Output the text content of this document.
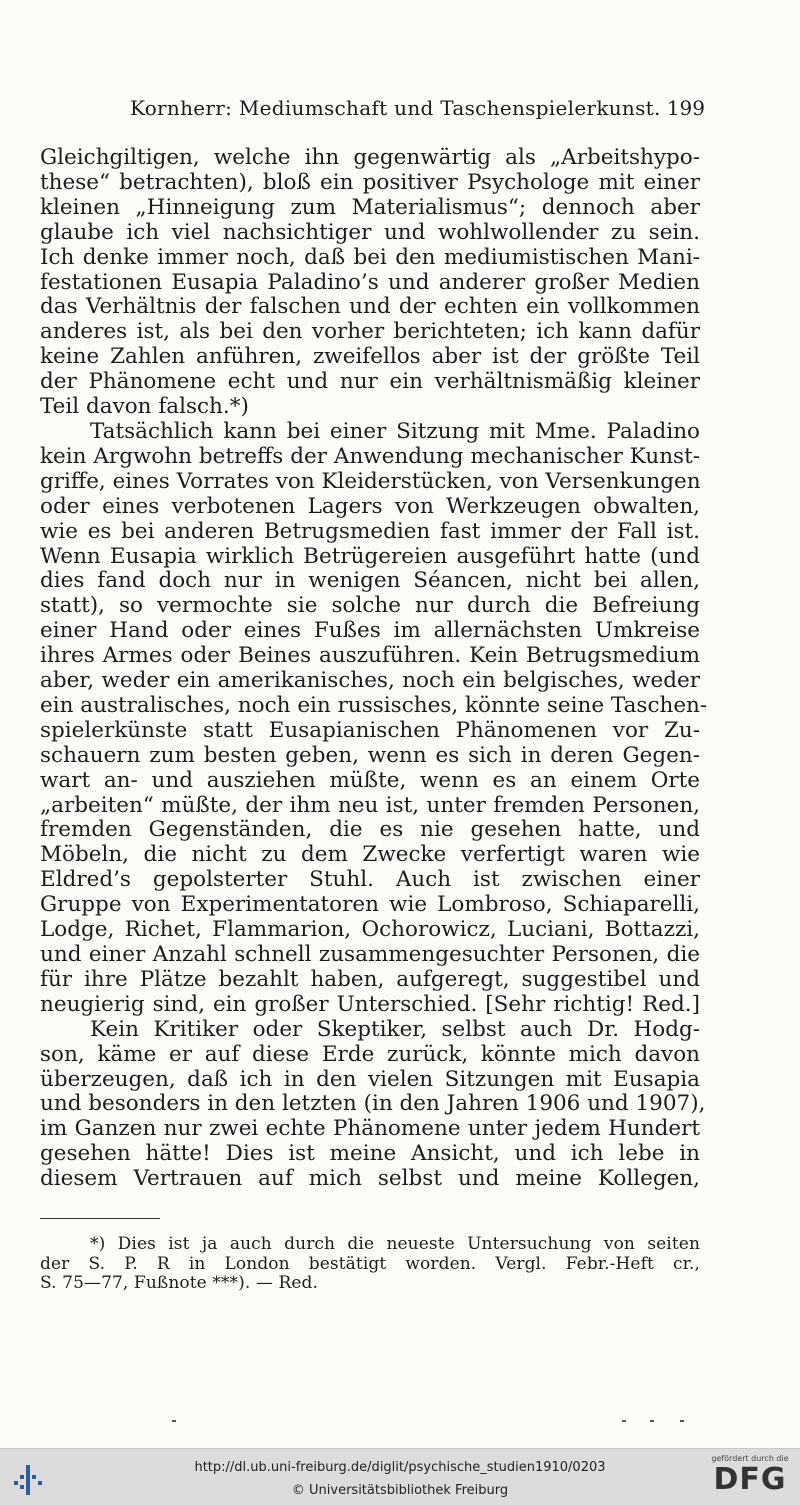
Kornherr: Mediumschaft und Taschenspielerkunst. 199
Gleichgiltigen, welche ihn gegenwärtig als „Arbeitshypo-
these“ betrachten), bloß ein positiver Psychologe mit einer
kleinen „Hinneigung zum Materialismus“; dennoch aber
glaube ich viel nachsichtiger und wohlwollender zu sein.
Ich denke immer noch, daß bei den mediumistischen Mani-
festationen Eusapia Paladino’s und anderer großer Medien
das Verhältnis der falschen und der echten ein vollkommen
anderes ist, als bei den vorher berichteten; ich kann dafür
keine Zahlen anführen, zweifellos aber ist der größte Teil
der Phänomene echt und nur ein verhältnismäßig kleiner
Teil davon falsch.*)
Tatsächlich kann bei einer Sitzung mit Mme. Paladino
kein Argwohn betreffs der Anwendung mechanischer Kunst-
griffe, eines Vorrates von Kleiderstücken, von Versenkungen
oder eines verbotenen Lagers von Werkzeugen obwalten,
wie es bei anderen Betrugsmedien fast immer der Fall ist.
Wenn Eusapia wirklich Betrügereien ausgeführt hatte (und
dies fand doch nur in wenigen Séancen, nicht bei allen,
statt), so vermochte sie solche nur durch die Befreiung
einer Hand oder eines Fußes im allernächsten Umkreise
ihres Armes oder Beines auszuführen. Kein Betrugsmedium
aber, weder ein amerikanisches, noch ein belgisches, weder
ein australisches, noch ein russisches, könnte seine Taschen-
spielerkünste statt Eusapianischen Phänomenen vor Zu-
schauern zum besten geben, wenn es sich in deren Gegen-
wart an- und ausziehen müßte, wenn es an einem Orte
„arbeiten“ müßte, der ihm neu ist, unter fremden Personen,
fremden Gegenständen, die es nie gesehen hatte, und
Möbeln, die nicht zu dem Zwecke verfertigt waren wie
Eldred’s gepolsterter Stuhl. Auch ist zwischen einer
Gruppe von Experimentatoren wie Lombroso, Schiaparelli,
Lodge, Richet, Flammarion, Ochorowicz, Luciani, Bottazzi,
und einer Anzahl schnell zusammengesuchter Personen, die
für ihre Plätze bezahlt haben, aufgeregt, suggestibel und
neugierig sind, ein großer Unterschied. [Sehr richtig! Red.]
Kein Kritiker oder Skeptiker, selbst auch Dr. Hodg-
son, käme er auf diese Erde zurück, könnte mich davon
überzeugen, daß ich in den vielen Sitzungen mit Eusapia
und besonders in den letzten (in den Jahren 1906 und 1907),
im Ganzen nur zwei echte Phänomene unter jedem Hundert
gesehen hätte! Dies ist meine Ansicht, und ich lebe in
diesem Vertrauen auf mich selbst und meine Kollegen,
*) Dies ist ja auch durch die neueste Untersuchung von seiten
der S. P. R in London bestätigt worden. Vergl. Febr.-Heft cr.,
S. 75—77, Fußnote ***). — Red.
http://dl.ub.uni-freiburg.de/diglit/psychische_studien1910/0203
© Universitätsbibliothek Freiburg
gefördert durch die
DFG
